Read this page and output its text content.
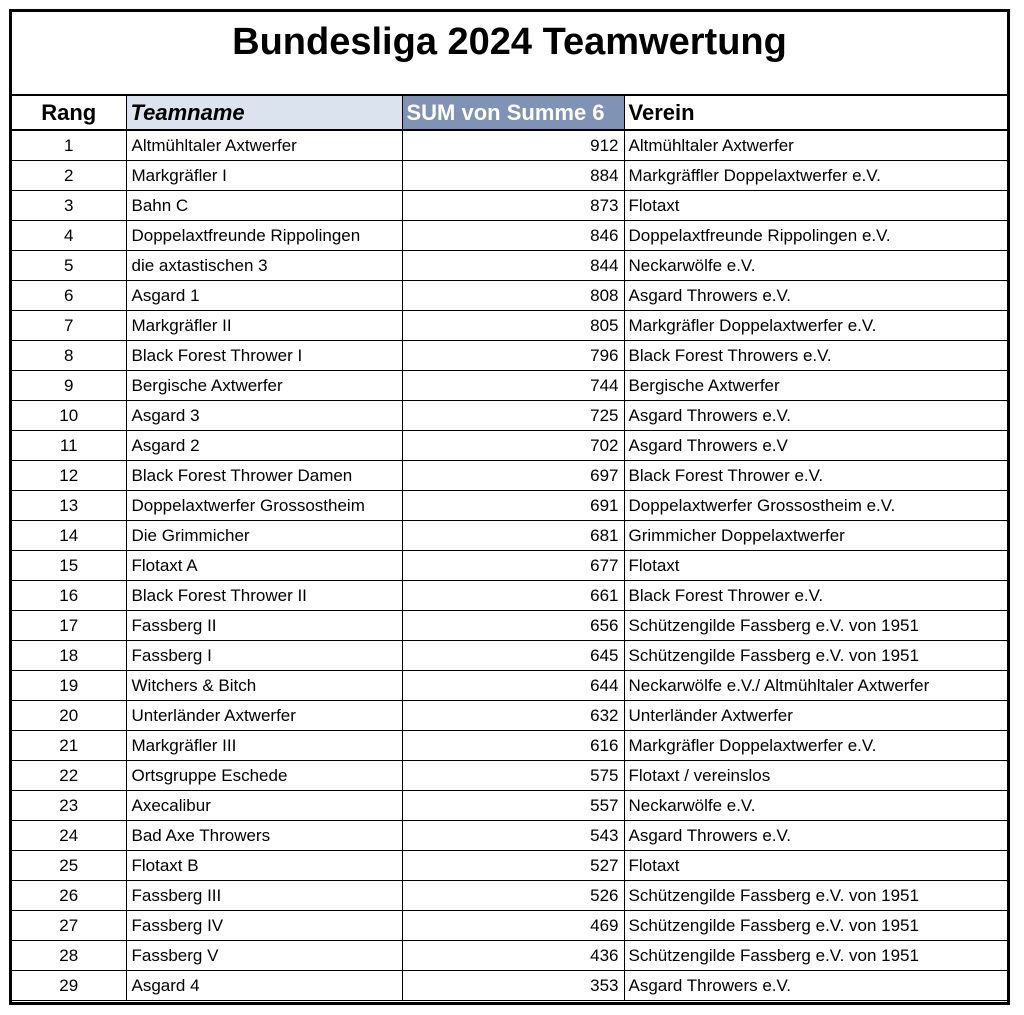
Bundesliga 2024 Teamwertung
Rang	Teamname	SUM von Summe 6	Verein
1	Altmühltaler Axtwerfer	912	Altmühltaler Axtwerfer
2	Markgräfler I	884	Markgräffler Doppelaxtwerfer e.V.
3	Bahn C	873	Flotaxt
4	Doppelaxtfreunde Rippolingen	846	Doppelaxtfreunde Rippolingen e.V.
5	die axtastischen 3	844	Neckarwölfe e.V.
6	Asgard 1	808	Asgard Throwers e.V.
7	Markgräfler II	805	Markgräfler Doppelaxtwerfer e.V.
8	Black Forest Thrower I	796	Black Forest Throwers e.V.
9	Bergische Axtwerfer	744	Bergische Axtwerfer
10	Asgard 3	725	Asgard Throwers e.V.
11	Asgard 2	702	Asgard Throwers e.V
12	Black Forest Thrower Damen	697	Black Forest Thrower e.V.
13	Doppelaxtwerfer Grossostheim	691	Doppelaxtwerfer Grossostheim e.V.
14	Die Grimmicher	681	Grimmicher Doppelaxtwerfer
15	Flotaxt A	677	Flotaxt
16	Black Forest Thrower II	661	Black Forest Thrower e.V.
17	Fassberg II	656	Schützengilde Fassberg e.V. von 1951
18	Fassberg I	645	Schützengilde Fassberg e.V. von 1951
19	Witchers & Bitch	644	Neckarwölfe e.V./ Altmühltaler Axtwerfer
20	Unterländer Axtwerfer	632	Unterländer Axtwerfer
21	Markgräfler III	616	Markgräfler Doppelaxtwerfer e.V.
22	Ortsgruppe Eschede	575	Flotaxt / vereinslos
23	Axecalibur	557	Neckarwölfe e.V.
24	Bad Axe Throwers	543	Asgard Throwers e.V.
25	Flotaxt B	527	Flotaxt
26	Fassberg III	526	Schützengilde Fassberg e.V. von 1951
27	Fassberg IV	469	Schützengilde Fassberg e.V. von 1951
28	Fassberg V	436	Schützengilde Fassberg e.V. von 1951
29	Asgard 4	353	Asgard Throwers e.V.
